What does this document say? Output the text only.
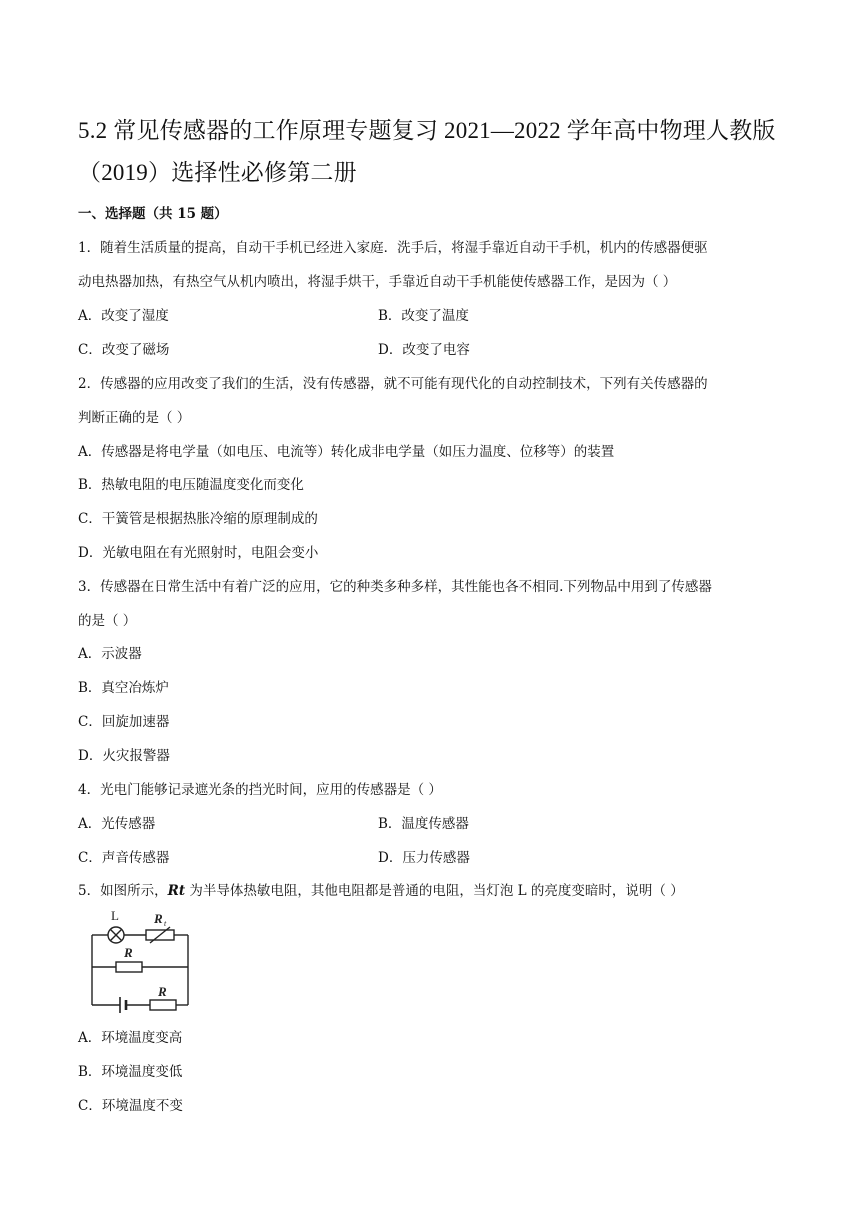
5.2 常见传感器的工作原理专题复习 2021—2022 学年高中物理人教版
（2019）选择性必修第二册
一、选择题（共 15 题）
1．随着生活质量的提高，自动干手机已经进入家庭．洗手后，将湿手靠近自动干手机，机内的传感器便驱
动电热器加热，有热空气从机内喷出，将湿手烘干，手靠近自动干手机能使传感器工作，是因为（ ）
A．改变了湿度	B．改变了温度
C．改变了磁场	D．改变了电容
2．传感器的应用改变了我们的生活，没有传感器，就不可能有现代化的自动控制技术，下列有关传感器的
判断正确的是（ ）
A．传感器是将电学量（如电压、电流等）转化成非电学量（如压力温度、位移等）的装置
B．热敏电阻的电压随温度变化而变化
C．干簧管是根据热胀冷缩的原理制成的
D．光敏电阻在有光照射时，电阻会变小
3．传感器在日常生活中有着广泛的应用，它的种类多种多样，其性能也各不相同.下列物品中用到了传感器
的是（ ）
A．示波器
B．真空冶炼炉
C．回旋加速器
D．火灾报警器
4．光电门能够记录遮光条的挡光时间，应用的传感器是（ ）
A．光传感器	B．温度传感器
C．声音传感器	D．压力传感器
5．如图所示，Rt 为半导体热敏电阻，其他电阻都是普通的电阻，当灯泡 L 的亮度变暗时，说明（ ）
L	R t
R
R
A．环境温度变高
B．环境温度变低
C．环境温度不变
